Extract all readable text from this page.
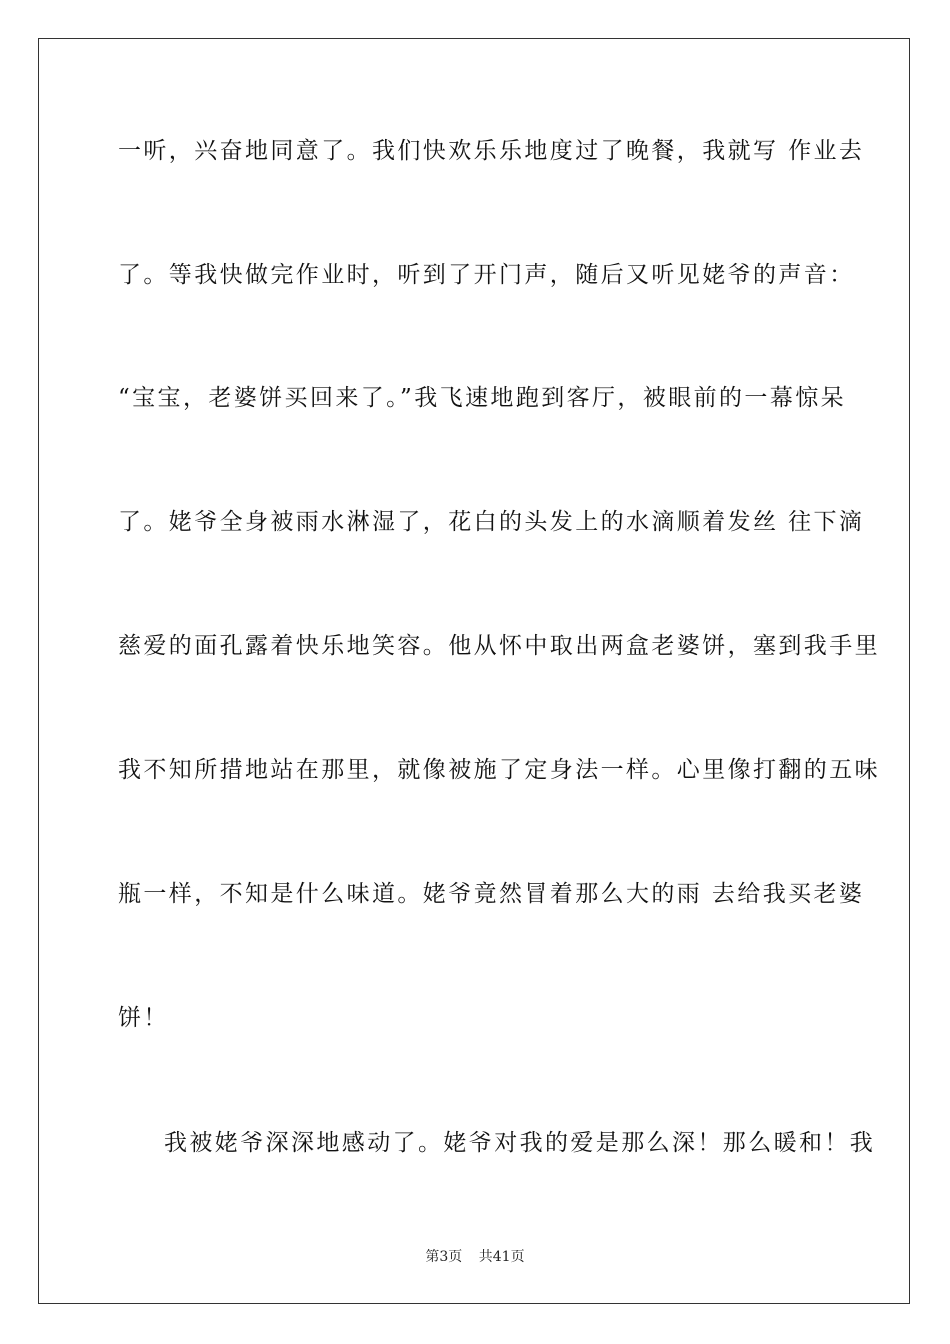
一听，兴奋地同意了。我们快欢乐乐地度过了晚餐，我就写 作业去
了。等我快做完作业时，听到了开门声，随后又听见姥爷的声音：
“宝宝，老婆饼买回来了。”我飞速地跑到客厅，被眼前的一幕惊呆
了。姥爷全身被雨水淋湿了，花白的头发上的水滴顺着发丝 往下滴
慈爱的面孔露着快乐地笑容。他从怀中取出两盒老婆饼，塞到我手里
我不知所措地站在那里，就像被施了定身法一样。心里像打翻的五味
瓶一样，不知是什么味道。姥爷竟然冒着那么大的雨 去给我买老婆
饼！
我被姥爷深深地感动了。姥爷对我的爱是那么深！那么暖和！我
第3页 共41页
